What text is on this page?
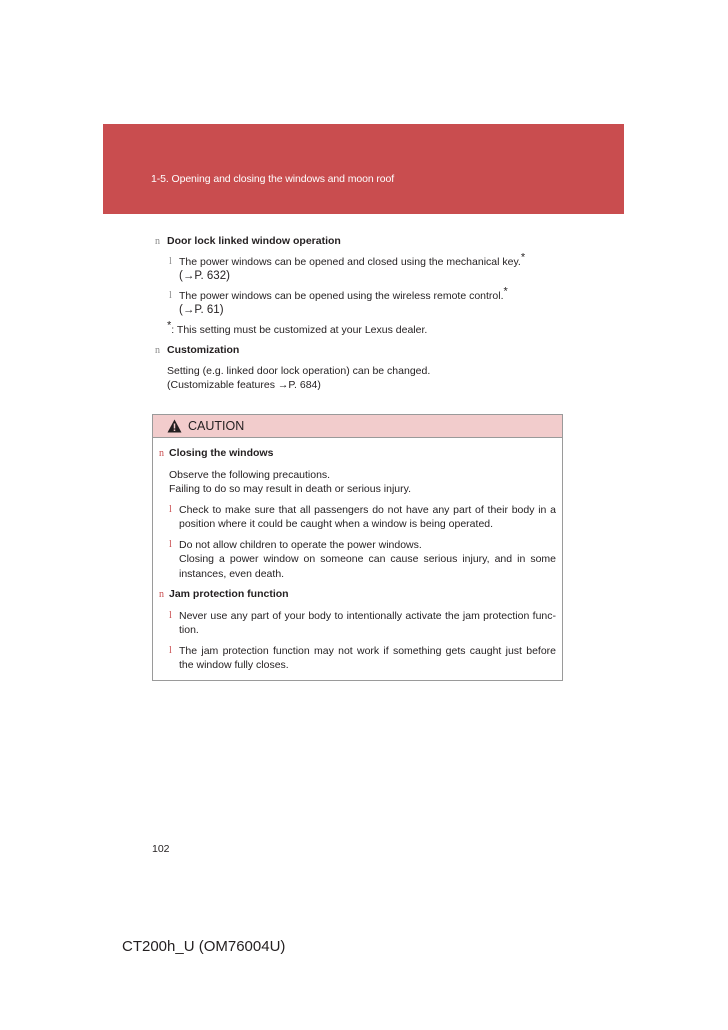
1-5. Opening and closing the windows and moon roof
n Door lock linked window operation
l The power windows can be opened and closed using the mechanical key.*
(→P. 632)
l The power windows can be opened using the wireless remote control.*
(→P. 61)
*: This setting must be customized at your Lexus dealer.
n Customization
Setting (e.g. linked door lock operation) can be changed.
(Customizable features →P. 684)
CAUTION
n Closing the windows
Observe the following precautions.
Failing to do so may result in death or serious injury.
l Check to make sure that all passengers do not have any part of their body in a position where it could be caught when a window is being operated.
l Do not allow children to operate the power windows.
Closing a power window on someone can cause serious injury, and in some instances, even death.
n Jam protection function
l Never use any part of your body to intentionally activate the jam protection func-tion.
l The jam protection function may not work if something gets caught just before the window fully closes.
102
CT200h_U (OM76004U)
